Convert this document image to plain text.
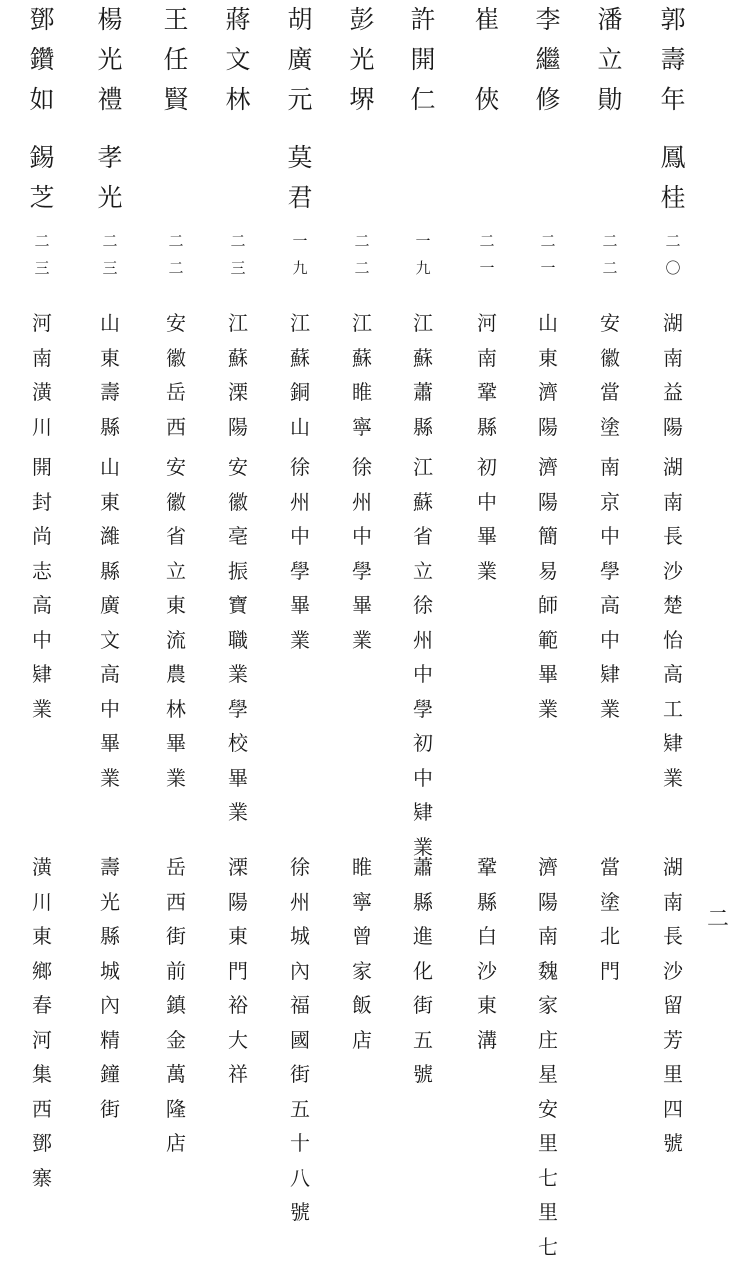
郭
壽
年
潘
立
勛
李
繼
修
崔

俠
許
開
仁
彭
光
堺
胡
廣
元
蔣
文
林
王
任
賢
楊
光
禮
鄧
鑽
如
鳳
桂
莫
君
孝
光
錫
芝
二
〇
二
二
二
一
二
一
一
九
二
二
一
九
二
三
二
二
二
三
二
三
湖
南
益
陽
安
徽
當
塗
山
東
濟
陽
河
南
鞏
縣
江
蘇
蕭
縣
江
蘇
睢
寧
江
蘇
銅
山
江
蘇
溧
陽
安
徽
岳
西
山
東
壽
縣
河
南
潢
川
湖
南
長
沙
楚
怡
高
工
肄
業
南
京
中
學
高
中
肄
業
濟
陽
簡
易
師
範
畢
業
初
中
畢
業
江
蘇
省
立
徐
州
中
學
初
中
肄
業
徐
州
中
學
畢
業
徐
州
中
學
畢
業
安
徽
亳
振
寶
職
業
學
校
畢
業
安
徽
省
立
東
流
農
林
畢
業
山
東
濰
縣
廣
文
高
中
畢
業
開
封
尚
志
高
中
肄
業
湖
南
長
沙
留
芳
里
四
號
當
塗
北
門
濟
陽
南
魏
家
庄
星
安
里
七
里
七
鞏
縣
白
沙
東
溝
蕭
縣
進
化
街
五
號
睢
寧
曾
家
飯
店
徐
州
城
內
福
國
街
五
十
八
號
溧
陽
東
門
裕
大
祥
岳
西
街
前
鎮
金
萬
隆
店
壽
光
縣
城
內
精
鐘
街
潢
川
東
鄉
春
河
集
西
鄧
寨
二
